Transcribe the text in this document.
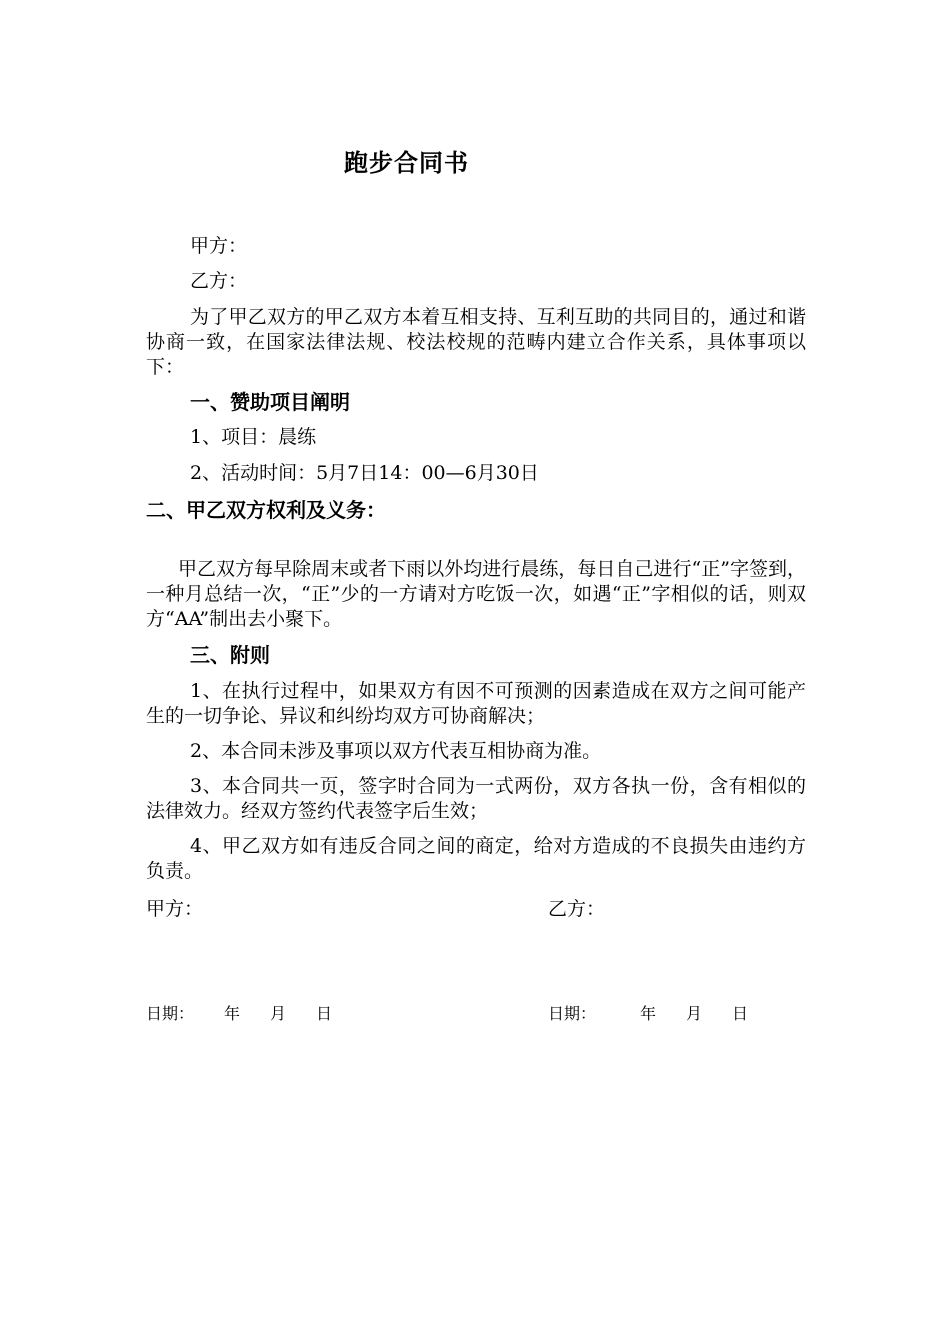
跑步合同书
甲方：
乙方：
为了甲乙双方的甲乙双方本着互相支持、互利互助的共同目的，通过和谐协商一致，在国家法律法规、校法校规的范畴内建立合作关系，具体事项以下：
一、赞助项目阐明
1、项目：晨练
2、活动时间：5月7日14：00—6月30日
二、甲乙双方权利及义务：
甲乙双方每早除周末或者下雨以外均进行晨练，每日自己进行“正”字签到，一种月总结一次，“正”少的一方请对方吃饭一次，如遇“正”字相似的话，则双方“AA”制出去小聚下。
三、附则
1、在执行过程中，如果双方有因不可预测的因素造成在双方之间可能产生的一切争论、异议和纠纷均双方可协商解决；
2、本合同未涉及事项以双方代表互相协商为准。
3、本合同共一页，签字时合同为一式两份，双方各执一份，含有相似的法律效力。经双方签约代表签字后生效；
4、甲乙双方如有违反合同之间的商定，给对方造成的不良损失由违约方负责。
甲方：	乙方：
日期： 年 月 日	日期：	年 月 日
